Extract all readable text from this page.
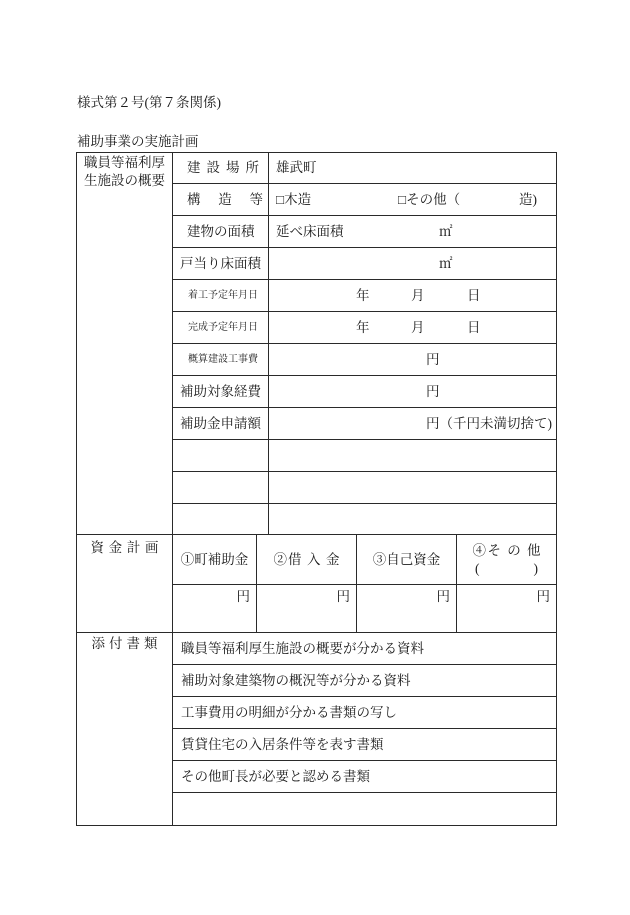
様式第２号(第７条関係)
補助事業の実施計画
職員等福利厚
生施設の概要	建 設 場 所	雄武町

	構 造 等	□木造 □その他（ 造)

	建物の面積	延べ床面積 ㎡

	戸当り床面積	㎡

	着工予定年月日	年 月 日

	完成予定年月日	年 月 日

	概算建設工事費	円

	補助対象経費	円

	補助金申請額	円（千円未満切捨て)

資 金 計 画	①町補助金	②借 入 金	③自己資金	④そ の 他
(　　　　)

	円	円	円	円
添 付 書 類	職員等福利厚生施設の概要が分かる資料
補助対象建築物の概況等が分かる資料
工事費用の明細が分かる書類の写し
賃貸住宅の入居条件等を表す書類
その他町長が必要と認める書類
